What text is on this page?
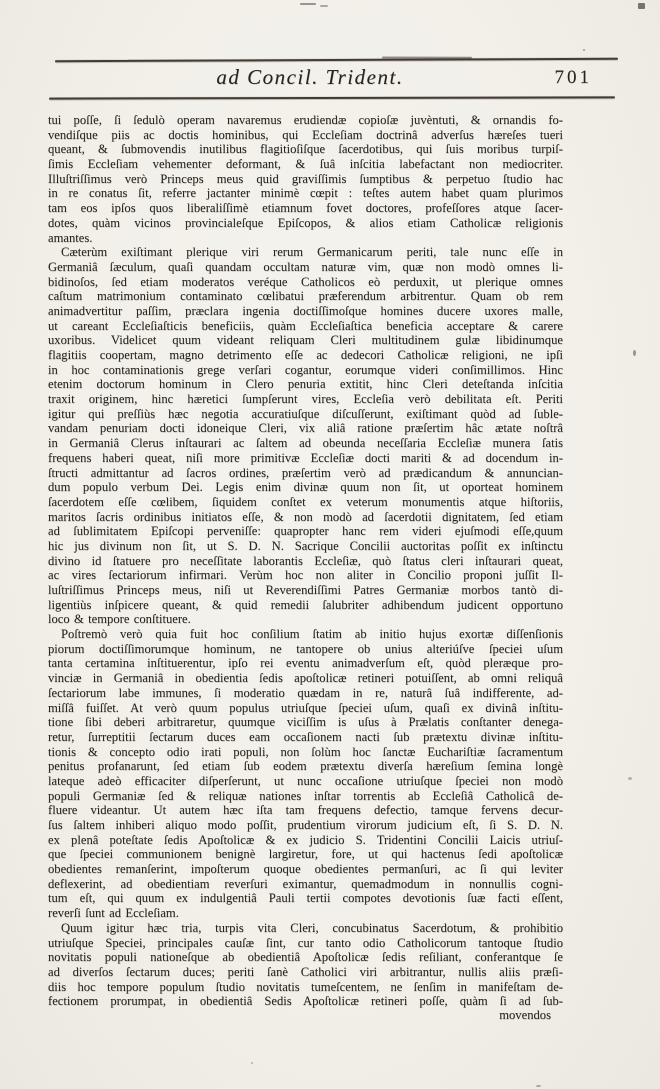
ad Concil. Trident.	701
tui poſſe, ſi ſedulò operam navaremus erudiendæ copioſæ juvèntuti, & ornandis fo-
vendiſque piis ac doctis hominibus, qui Eccleſiam doctrinâ adverſus hæreſes tueri
queant, & ſubmovendis inutilibus flagitioſiſque ſacerdotibus, qui ſuis moribus turpiſ-
ſimis Eccleſiam vehementer deformant, & ſuâ inſcitia labefactant non mediocriter.
Illuſtriſſimus verò Princeps meus quid graviſſimis ſumptibus & perpetuo ſtudio hac
in re conatus ſit, referre jactanter minimè cœpit : teſtes autem habet quam plurimos
tam eos ipſos quos liberaliſſimè etiamnum fovet doctores, profeſſores atque ſacer-
dotes, quàm vicinos provincialeſque Epiſcopos, & alios etiam Catholicæ religionis
amantes.
Cæterùm exiſtimant plerique viri rerum Germanicarum periti, tale nunc eſſe in
Germaniâ ſæculum, quaſi quandam occultam naturæ vim, quæ non modò omnes li-
bidinoſos, ſed etiam moderatos veréque Catholicos eò perduxit, ut plerique omnes
caſtum matrimonium contaminato cœlibatui præferendum arbitrentur. Quam ob rem
animadvertitur paſſim, præclara ingenia doctiſſimoſque homines ducere uxores malle,
ut careant Eccleſiaſticis beneficiis, quàm Eccleſiaſtica beneficia acceptare & carere
uxoribus. Videlicet quum videant reliquam Cleri multitudinem gulæ libidinumque
flagitiis coopertam, magno detrimento eſſe ac dedecori Catholicæ religioni, ne ipſi
in hoc contaminationis grege verſari cogantur, eorumque videri conſimillimos. Hinc
etenim doctorum hominum in Clero penuria extitit, hinc Cleri deteſtanda inſcitia
traxit originem, hinc hæretici ſumpſerunt vires, Eccleſia verò debilitata eſt. Periti
igitur qui preſſiùs hæc negotia accuratiuſque diſcuſſerunt, exiſtimant quòd ad ſuble-
vandam penuriam docti idoneique Cleri, vix aliâ ratione præſertim hâc ætate noſtrâ
in Germaniâ Clerus inſtaurari ac ſaltem ad obeunda neceſſaria Eccleſiæ munera ſatis
frequens haberi queat, niſi more primitivæ Eccleſiæ docti mariti & ad docendum in-
ſtructi admittantur ad ſacros ordines, præſertim verò ad prædicandum & annuncian-
dum populo verbum Dei. Legis enim divinæ quum non ſit, ut oporteat hominem
ſacerdotem eſſe cœlibem, ſiquidem conſtet ex veterum monumentis atque hiſtoriis,
maritos ſacris ordinibus initiatos eſſe, & non modò ad ſacerdotii dignitatem, ſed etiam
ad ſublimitatem Epiſcopi perveniſſe: quapropter hanc rem videri ejuſmodi eſſe,quum
hic jus divinum non ſit, ut S. D. N. Sacrique Concilii auctoritas poſſit ex inſtinctu
divino id ſtatuere pro neceſſitate laborantis Eccleſiæ, quò ſtatus cleri inſtaurari queat,
ac vires ſectariorum infirmari. Verùm hoc non aliter in Concilio proponi juſſit Il-
luſtriſſimus Princeps meus, niſi ut Reverendiſſimi Patres Germaniæ morbos tantò di-
ligentiùs inſpicere queant, & quid remedii ſalubriter adhibendum judicent opportuno
loco & tempore conſtituere.
Poſtremò verò quia fuit hoc conſilium ſtatim ab initio hujus exortæ diſſenſionis
piorum doctiſſimorumque hominum, ne tantopere ob unius alteriúſve ſpeciei uſum
tanta certamina inſtituerentur, ipſo rei eventu animadverſum eſt, quòd pleræque pro-
vinciæ in Germaniâ in obedientia ſedis apoſtolicæ retineri potuiſſent, ab omni reliquâ
ſectariorum labe immunes, ſi moderatio quædam in re, naturâ ſuâ indifferente, ad-
miſſâ fuiſſet. At verò quum populus utriuſque ſpeciei uſum, quaſi ex divinâ inſtitu-
tione ſibi deberi arbitraretur, quumque viciſſim is uſus à Prælatis conſtanter denega-
retur, ſurreptitii ſectarum duces eam occaſionem nacti ſub prætextu divinæ inſtitu-
tionis & concepto odio irati populi, non ſolùm hoc ſanctæ Euchariſtiæ ſacramentum
penitus profanarunt, ſed etiam ſub eodem prætextu diverſa hæreſium ſemina longè
lateque adeò efficaciter diſperſerunt, ut nunc occaſione utriuſque ſpeciei non modò
populi Germaniæ ſed & reliquæ nationes inſtar torrentis ab Eccleſiâ Catholicâ de-
fluere videantur. Ut autem hæc iſta tam frequens defectio, tamque fervens decur-
ſus ſaltem inhiberi aliquo modo poſſit, prudentium virorum judicium eſt, ſi S. D. N.
ex plenâ poteſtate ſedis Apoſtolicæ & ex judicio S. Tridentini Concilii Laicis utriuſ-
que ſpeciei communionem benignè largiretur, fore, ut qui hactenus ſedi apoſtolicæ
obedientes remanſerint, impoſterum quoque obedientes permanſuri, ac ſi qui leviter
deflexerint, ad obedientiam reverſuri eximantur, quemadmodum in nonnullis cogni-
tum eſt, qui quum ex indulgentiâ Pauli tertii compotes devotionis ſuæ facti eſſent,
reverſi ſunt ad Eccleſiam.
Quum igitur hæc tria, turpis vita Cleri, concubinatus Sacerdotum, & prohibitio
utriuſque Speciei, principales cauſæ ſint, cur tanto odio Catholicorum tantoque ſtudio
novitatis populi nationeſque ab obedientiâ Apoſtolicæ ſedis reſiliant, conferantque ſe
ad diverſos ſectarum duces; periti ſanè Catholici viri arbitrantur, nullis aliis præſi-
diis hoc tempore populum ſtudio novitatis tumeſcentem, ne ſenſim in manifeſtam de-
fectionem prorumpat, in obedientiâ Sedis Apoſtolicæ retineri poſſe, quàm ſi ad ſub-
movendos
